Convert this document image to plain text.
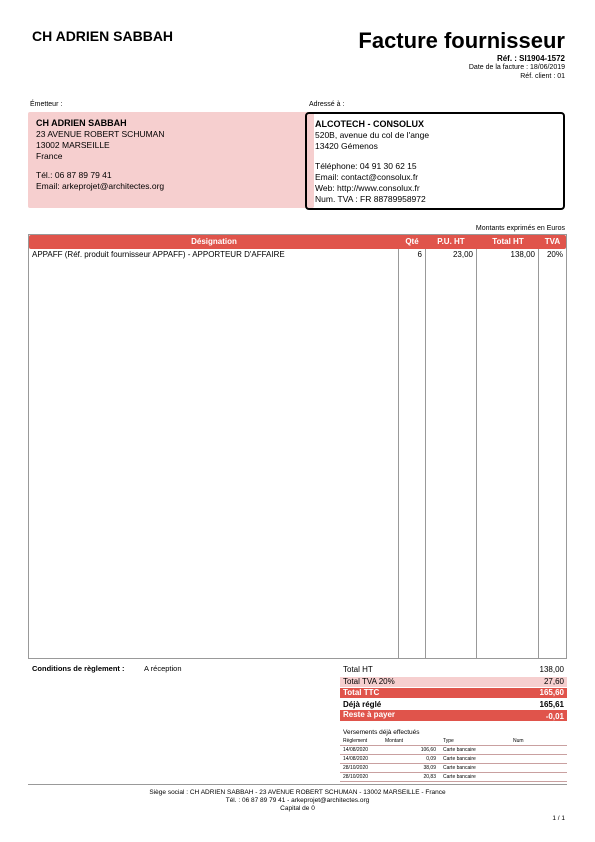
CH ADRIEN SABBAH	Facture fournisseur
Réf. : SI1904-1572
Date de la facture : 18/06/2019
Réf. client : 01
Émetteur :
CH ADRIEN SABBAH
23 AVENUE ROBERT SCHUMAN
13002 MARSEILLE
France
Tél.: 06 87 89 79 41
Email: arkeprojet@architectes.org
Adressé à :
ALCOTECH - CONSOLUX
520B, avenue du col de l'ange
13420 Gémenos
Téléphone: 04 91 30 62 15
Email: contact@consolux.fr
Web: http://www.consolux.fr
Num. TVA : FR 88789958972
Montants exprimés en Euros
Désignation	Qté	P.U. HT	Total HT	TVA
APPAFF (Réf. produit fournisseur APPAFF) - APPORTEUR D'AFFAIRE	6	23,00	138,00	20%
Conditions de règlement :	A réception	Total HT	138,00
Total TVA 20%	27,60
Total TTC	165,60
Déjà réglé	165,61
Reste à payer	-0,01
Versements déjà effectués
Règlement	Montant	Type	Num
14/08/2020	106,60 Carte bancaire
14/08/2020	0,09 Carte bancaire
28/10/2020	38,09 Carte bancaire
28/10/2020	20,83 Carte bancaire
Siège social : CH ADRIEN SABBAH - 23 AVENUE ROBERT SCHUMAN - 13002 MARSEILLE - France
Tél. : 06 87 89 79 41 - arkeprojet@architectes.org
Capital de 0
1 / 1
